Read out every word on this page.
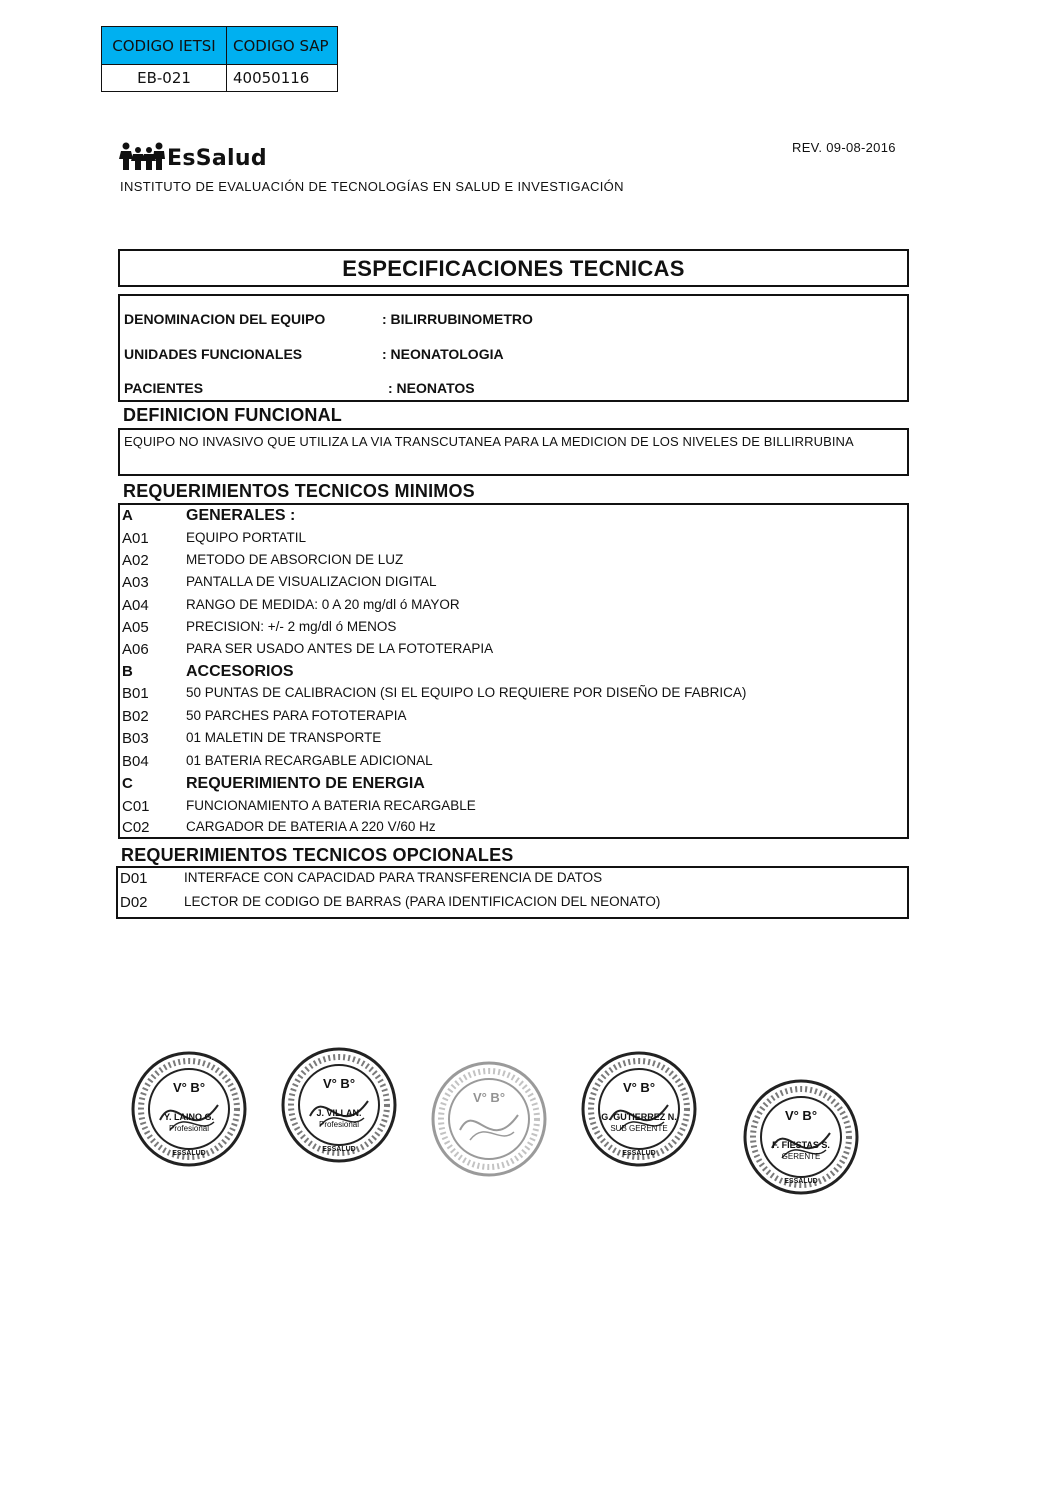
CODIGO IETSI	CODIGO SAP
EB-021	40050116
REV. 09-08-2016
EsSalud
INSTITUTO DE EVALUACIÓN DE TECNOLOGÍAS EN SALUD E INVESTIGACIÓN
ESPECIFICACIONES TECNICAS
DENOMINACION DEL EQUIPO	: BILIRRUBINOMETRO
UNIDADES FUNCIONALES	: NEONATOLOGIA
PACIENTES	: NEONATOS
DEFINICION FUNCIONAL
EQUIPO NO INVASIVO QUE UTILIZA LA VIA TRANSCUTANEA PARA LA MEDICION DE LOS NIVELES DE BILLIRRUBINA
REQUERIMIENTOS TECNICOS MINIMOS
A	GENERALES :
A01	EQUIPO PORTATIL
A02	METODO DE ABSORCION DE LUZ
A03	PANTALLA DE VISUALIZACION DIGITAL
A04	RANGO DE MEDIDA: 0 A 20 mg/dl ó MAYOR
A05	PRECISION: +/- 2 mg/dl ó MENOS
A06	PARA SER USADO ANTES DE LA FOTOTERAPIA
B	ACCESORIOS
B01	50 PUNTAS DE CALIBRACION (SI EL EQUIPO LO REQUIERE POR DISEÑO DE FABRICA)
B02	50 PARCHES PARA FOTOTERAPIA
B03	01 MALETIN DE TRANSPORTE
B04	01 BATERIA RECARGABLE ADICIONAL
C	REQUERIMIENTO DE ENERGIA
C01	FUNCIONAMIENTO A BATERIA RECARGABLE
C02	CARGADOR DE BATERIA A 220 V/60 Hz
REQUERIMIENTOS TECNICOS OPCIONALES
D01	INTERFACE CON CAPACIDAD PARA TRANSFERENCIA DE DATOS
D02	LECTOR DE CODIGO DE BARRAS (PARA IDENTIFICACION DEL NEONATO)
V° B°
Y. LAINO G.
Profesional
ESSALUD
V° B°
J. VILLAN.
Profesional
ESSALUD
V° B°
V° B°
G. GUTIERREZ N.
SUB GERENTE
ESSALUD
V° B°
F. FIESTAS S.
GERENTE
ESSALUD
